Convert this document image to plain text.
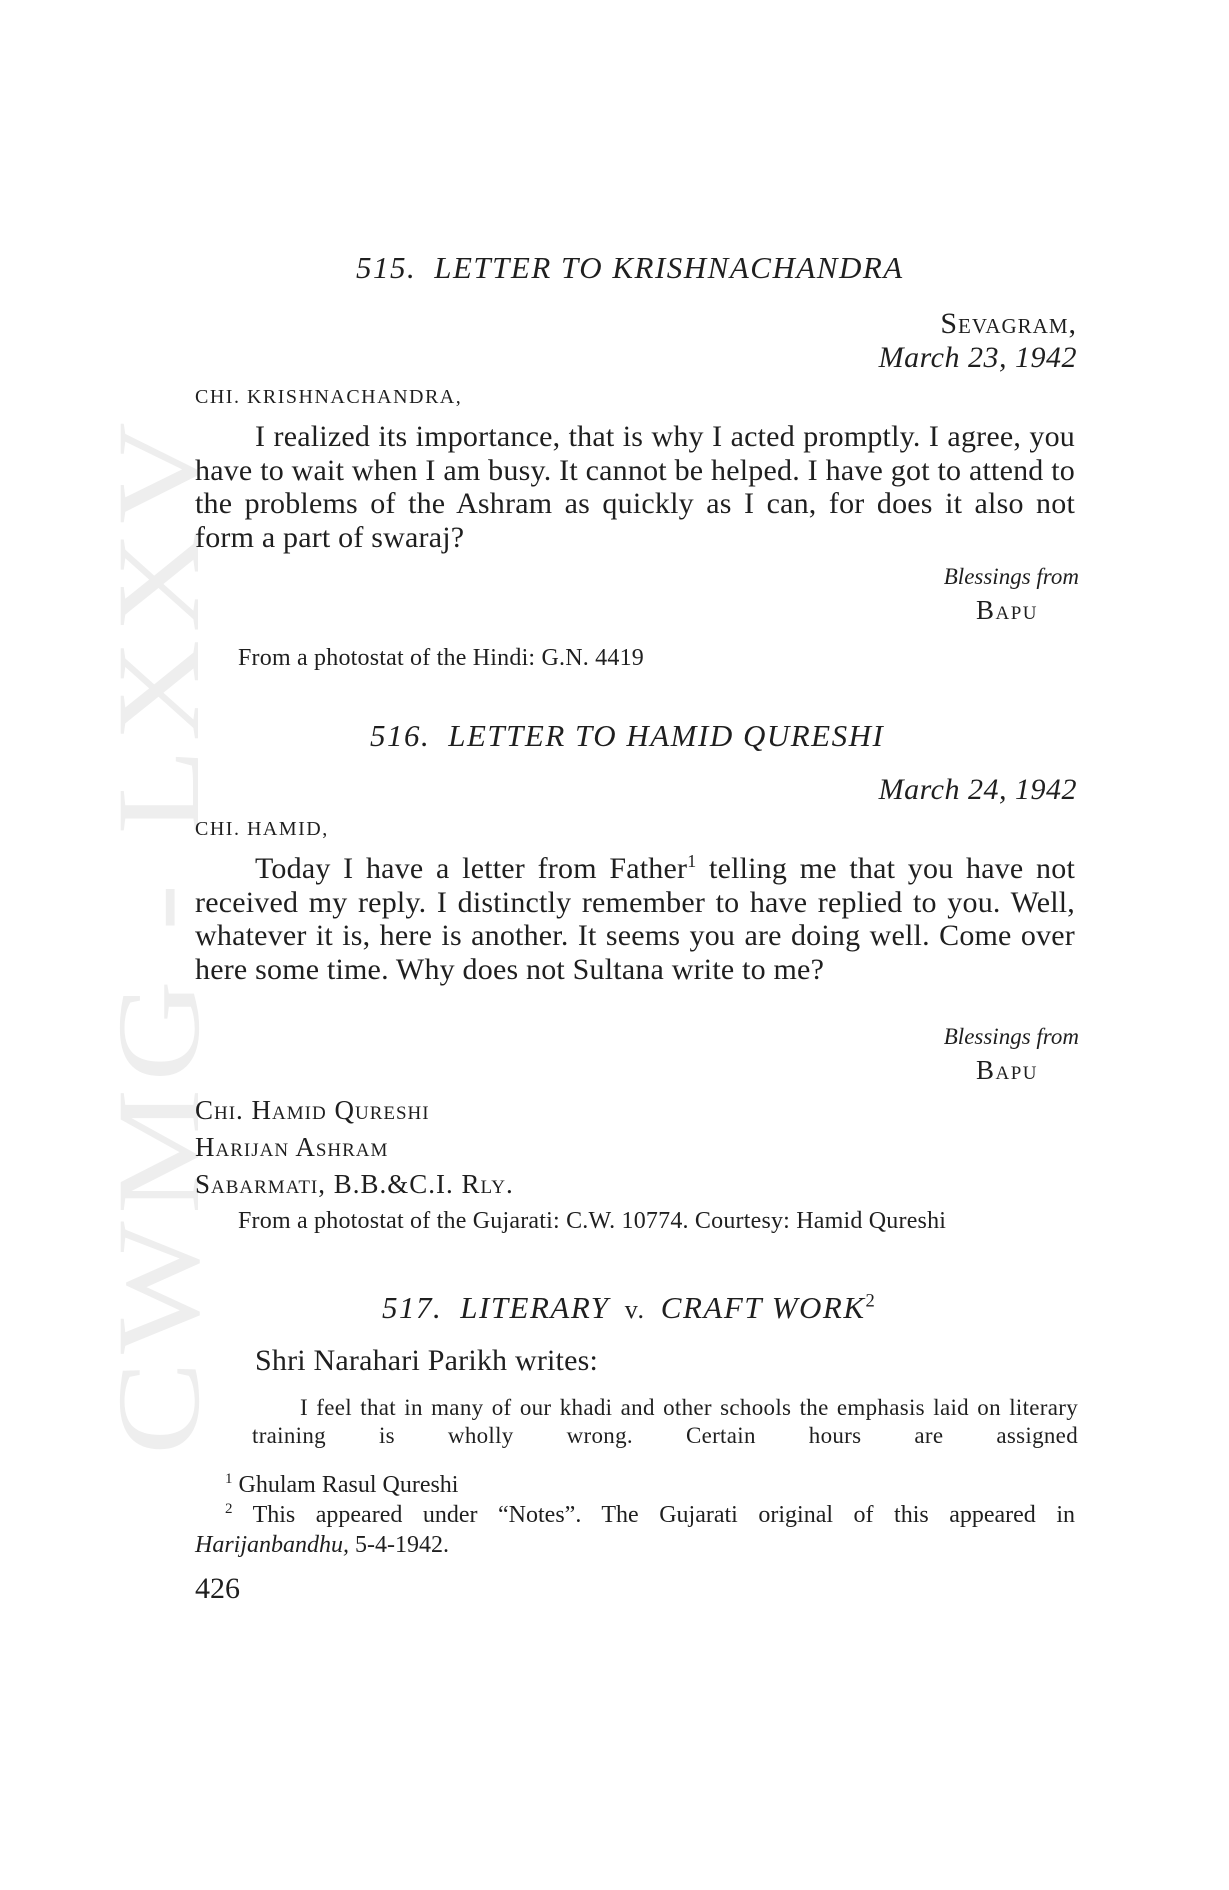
CWMG - LXXV
515. LETTER TO KRISHNACHANDRA
Sevagram,
March 23, 1942
CHI. KRISHNACHANDRA,

I realized its importance, that is why I acted promptly. I agree, you have to wait when I am busy. It cannot be helped. I have got to attend to the problems of the Ashram as quickly as I can, for does it also not form a part of swaraj?

Blessings from
Bapu
From a photostat of the Hindi: G.N. 4419
516. LETTER TO HAMID QURESHI
March 24, 1942
CHI. HAMID,

Today I have a letter from Father$^1$ telling me that you have not received my reply. I distinctly remember to have replied to you. Well, whatever it is, here is another. It seems you are doing well. Come over here some time. Why does not Sultana write to me?

Blessings from
Bapu
Chi. Hamid Qureshi
Harijan Ashram
Sabarmati, B.B.&C.I. Rly.
From a photostat of the Gujarati: C.W. 10774. Courtesy: Hamid Qureshi
517. LITERARY v. CRAFT WORK$^2$

Shri Narahari Parikh writes:

I feel that in many of our khadi and other schools the emphasis laid on literary training is wholly wrong. Certain hours are assigned

$^1$ Ghulam Rasul Qureshi
$^2$ This appeared under “Notes”. The Gujarati original of this appeared in Harijanbandhu, 5-4-1942.
426
